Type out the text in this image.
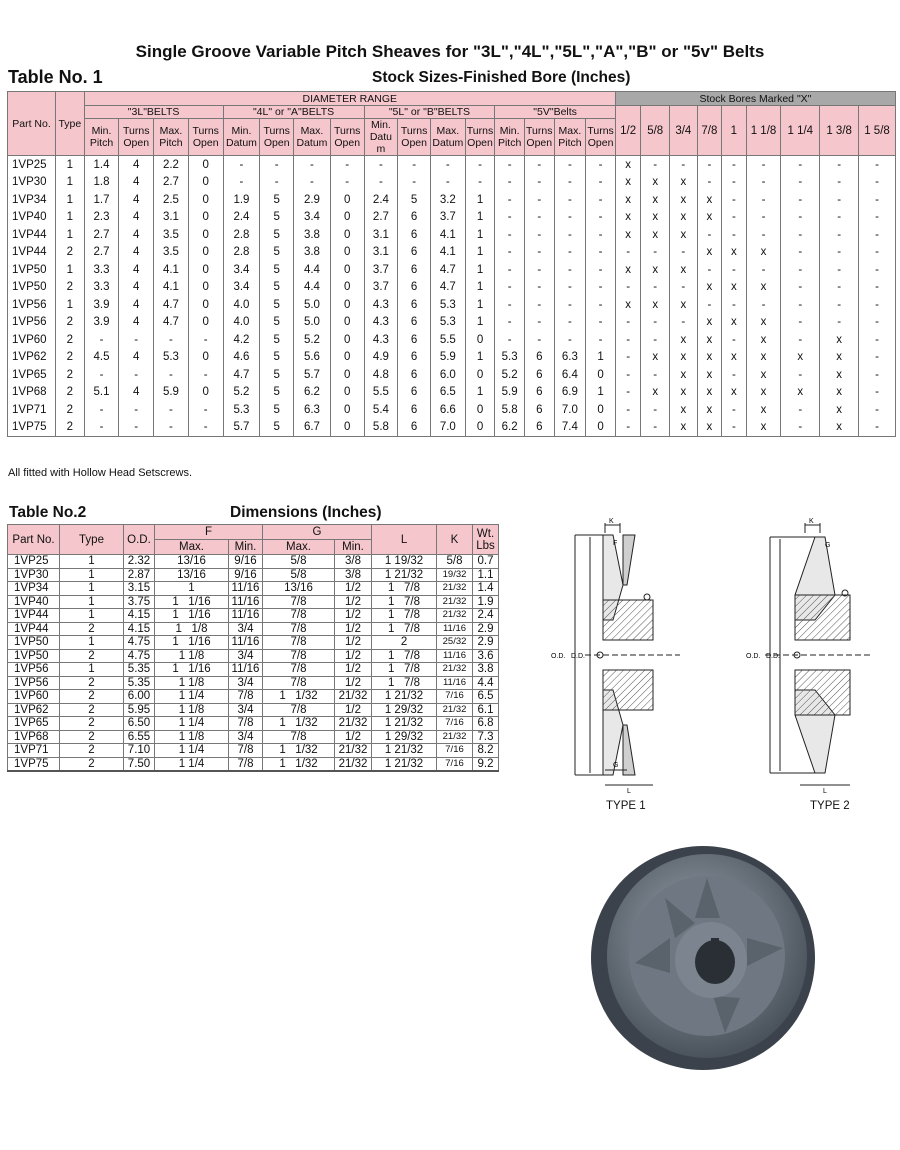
Single Groove Variable Pitch Sheaves for "3L","4L","5L","A","B" or "5v" Belts
Table No. 1	Stock Sizes-Finished Bore (Inches)
Part No.	Type	DIAMETER RANGE																Stock Bores Marked "X"								
		"3L"BELTS				"4L" or "A"BELTS				"5L" or "B"BELTS				"5V"Belts				1/2	5/8	3/4	7/8	1	1 1/8	1 1/4	1 3/8	1 5/8
		Min. Pitch	Turns Open	Max. Pitch	Turns Open	Min. Datum	Turns Open	Max. Datum	Turns Open	Min. Datu m	Turns Open	Max. Datum	Turns Open	Min. Pitch	Turns Open	Max. Pitch	Turns Open									
1VP25	1	1.4	4	2.2	0	-	-	-	-	-	-	-	-	-	-	-	-	x	-	-	-	-	-	-	-	-
1VP30	1	1.8	4	2.7	0	-	-	-	-	-	-	-	-	-	-	-	-	x	x	x	-	-	-	-	-	-
1VP34	1	1.7	4	2.5	0	1.9	5	2.9	0	2.4	5	3.2	1	-	-	-	-	x	x	x	x	-	-	-	-	-
1VP40	1	2.3	4	3.1	0	2.4	5	3.4	0	2.7	6	3.7	1	-	-	-	-	x	x	x	x	-	-	-	-	-
1VP44	1	2.7	4	3.5	0	2.8	5	3.8	0	3.1	6	4.1	1	-	-	-	-	x	x	x	-	-	-	-	-	-
1VP44	2	2.7	4	3.5	0	2.8	5	3.8	0	3.1	6	4.1	1	-	-	-	-	-	-	-	x	x	x	-	-	-
1VP50	1	3.3	4	4.1	0	3.4	5	4.4	0	3.7	6	4.7	1	-	-	-	-	x	x	x	-	-	-	-	-	-
1VP50	2	3.3	4	4.1	0	3.4	5	4.4	0	3.7	6	4.7	1	-	-	-	-	-	-	-	x	x	x	-	-	-
1VP56	1	3.9	4	4.7	0	4.0	5	5.0	0	4.3	6	5.3	1	-	-	-	-	x	x	x	-	-	-	-	-	-
1VP56	2	3.9	4	4.7	0	4.0	5	5.0	0	4.3	6	5.3	1	-	-	-	-	-	-	-	x	x	x	-	-	-
1VP60	2	-	-	-	-	4.2	5	5.2	0	4.3	6	5.5	0	-	-	-	-	-	-	x	x	-	x	-	x	-
1VP62	2	4.5	4	5.3	0	4.6	5	5.6	0	4.9	6	5.9	1	5.3	6	6.3	1	-	x	x	x	x	x	x	x	-
1VP65	2	-	-	-	-	4.7	5	5.7	0	4.8	6	6.0	0	5.2	6	6.4	0	-	-	x	x	-	x	-	x	-
1VP68	2	5.1	4	5.9	0	5.2	5	6.2	0	5.5	6	6.5	1	5.9	6	6.9	1	-	x	x	x	x	x	x	x	-
1VP71	2	-	-	-	-	5.3	5	6.3	0	5.4	6	6.6	0	5.8	6	7.0	0	-	-	x	x	-	x	-	x	-
1VP75	2	-	-	-	-	5.7	5	6.7	0	5.8	6	7.0	0	6.2	6	7.4	0	-	-	x	x	-	x	-	x	-
All fitted with Hollow Head Setscrews.
Table No.2	Dimensions (Inches)
Part No.	Type	O.D.	F		G		L	K	Wt. Lbs
			Max.	Min.	Max.	Min.			
1VP25	1	2.32	13/16	9/16	5/8	3/8	1 19/32	5/8	0.7
1VP30	1	2.87	13/16	9/16	5/8	3/8	1 21/32	19/32	1.1
1VP34	1	3.15	1	11/16	13/16	1/2	1   7/8	21/32	1.4
1VP40	1	3.75	1   1/16	11/16	7/8	1/2	1   7/8	21/32	1.9
1VP44	1	4.15	1   1/16	11/16	7/8	1/2	1   7/8	21/32	2.4
1VP44	2	4.15	1   1/8	3/4	7/8	1/2	1   7/8	11/16	2.9
1VP50	1	4.75	1   1/16	11/16	7/8	1/2	2	25/32	2.9
1VP50	2	4.75	1 1/8	3/4	7/8	1/2	1   7/8	11/16	3.6
1VP56	1	5.35	1   1/16	11/16	7/8	1/2	1   7/8	21/32	3.8
1VP56	2	5.35	1 1/8	3/4	7/8	1/2	1   7/8	11/16	4.4
1VP60	2	6.00	1 1/4	7/8	1   1/32	21/32	1 21/32	7/16	6.5
1VP62	2	5.95	1 1/8	3/4	7/8	1/2	1 29/32	21/32	6.1
1VP65	2	6.50	1 1/4	7/8	1   1/32	21/32	1 21/32	7/16	6.8
1VP68	2	6.55	1 1/8	3/4	7/8	1/2	1 29/32	21/32	7.3
1VP71	2	7.10	1 1/4	7/8	1   1/32	21/32	1 21/32	7/16	8.2
1VP75	2	7.50	1 1/4	7/8	1   1/32	21/32	1 21/32	7/16	9.2
K
F
G
L
O.D. D.D.
TYPE 1
K
G
L
O.D. D.D.
TYPE 2
